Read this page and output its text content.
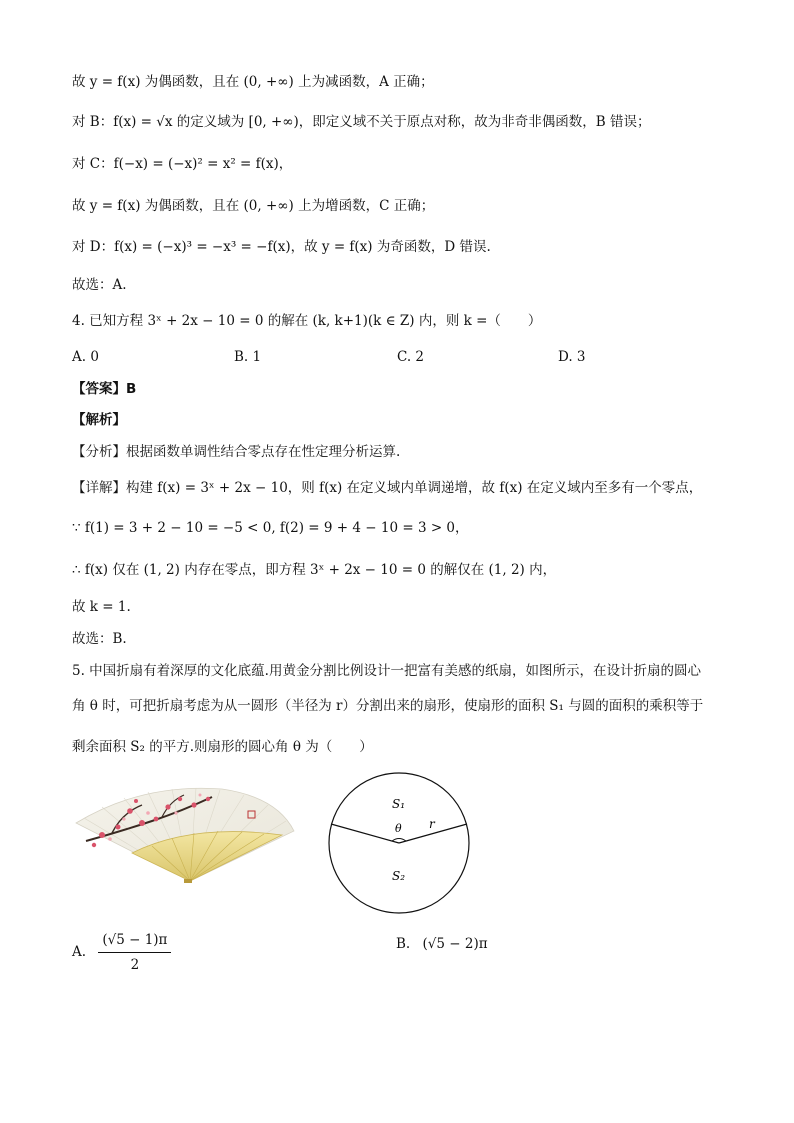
故 y = f(x) 为偶函数，且在 (0, +∞) 上为减函数，A 正确；
对 B：f(x) = √x 的定义域为 [0, +∞)，即定义域不关于原点对称，故为非奇非偶函数，B 错误；
对 C：f(−x) = (−x)² = x² = f(x)，
故 y = f(x) 为偶函数，且在 (0, +∞) 上为增函数，C 正确；
对 D：f(x) = (−x)³ = −x³ = −f(x)，故 y = f(x) 为奇函数，D 错误.
故选：A.
4. 已知方程 3ˣ + 2x − 10 = 0 的解在 (k, k+1)(k ∈ Z) 内，则 k =（　　）
A. 0	B. 1	C. 2	D. 3
【答案】B
【解析】
【分析】根据函数单调性结合零点存在性定理分析运算.
【详解】构建 f(x) = 3ˣ + 2x − 10，则 f(x) 在定义域内单调递增，故 f(x) 在定义域内至多有一个零点，
∵ f(1) = 3 + 2 − 10 = −5 < 0, f(2) = 9 + 4 − 10 = 3 > 0，
∴ f(x) 仅在 (1, 2) 内存在零点，即方程 3ˣ + 2x − 10 = 0 的解仅在 (1, 2) 内，
故 k = 1.
故选：B.
5. 中国折扇有着深厚的文化底蕴.用黄金分割比例设计一把富有美感的纸扇，如图所示，在设计折扇的圆心
角 θ 时，可把折扇考虑为从一圆形（半径为 r）分割出来的扇形，使扇形的面积 S₁ 与圆的面积的乘积等于
剩余面积 S₂ 的平方.则扇形的圆心角 θ 为（　　）
S₁
θ r
S₂
A. $\frac{(√5 - 1)\pi}{2}$	B. (√5 − 2)π
